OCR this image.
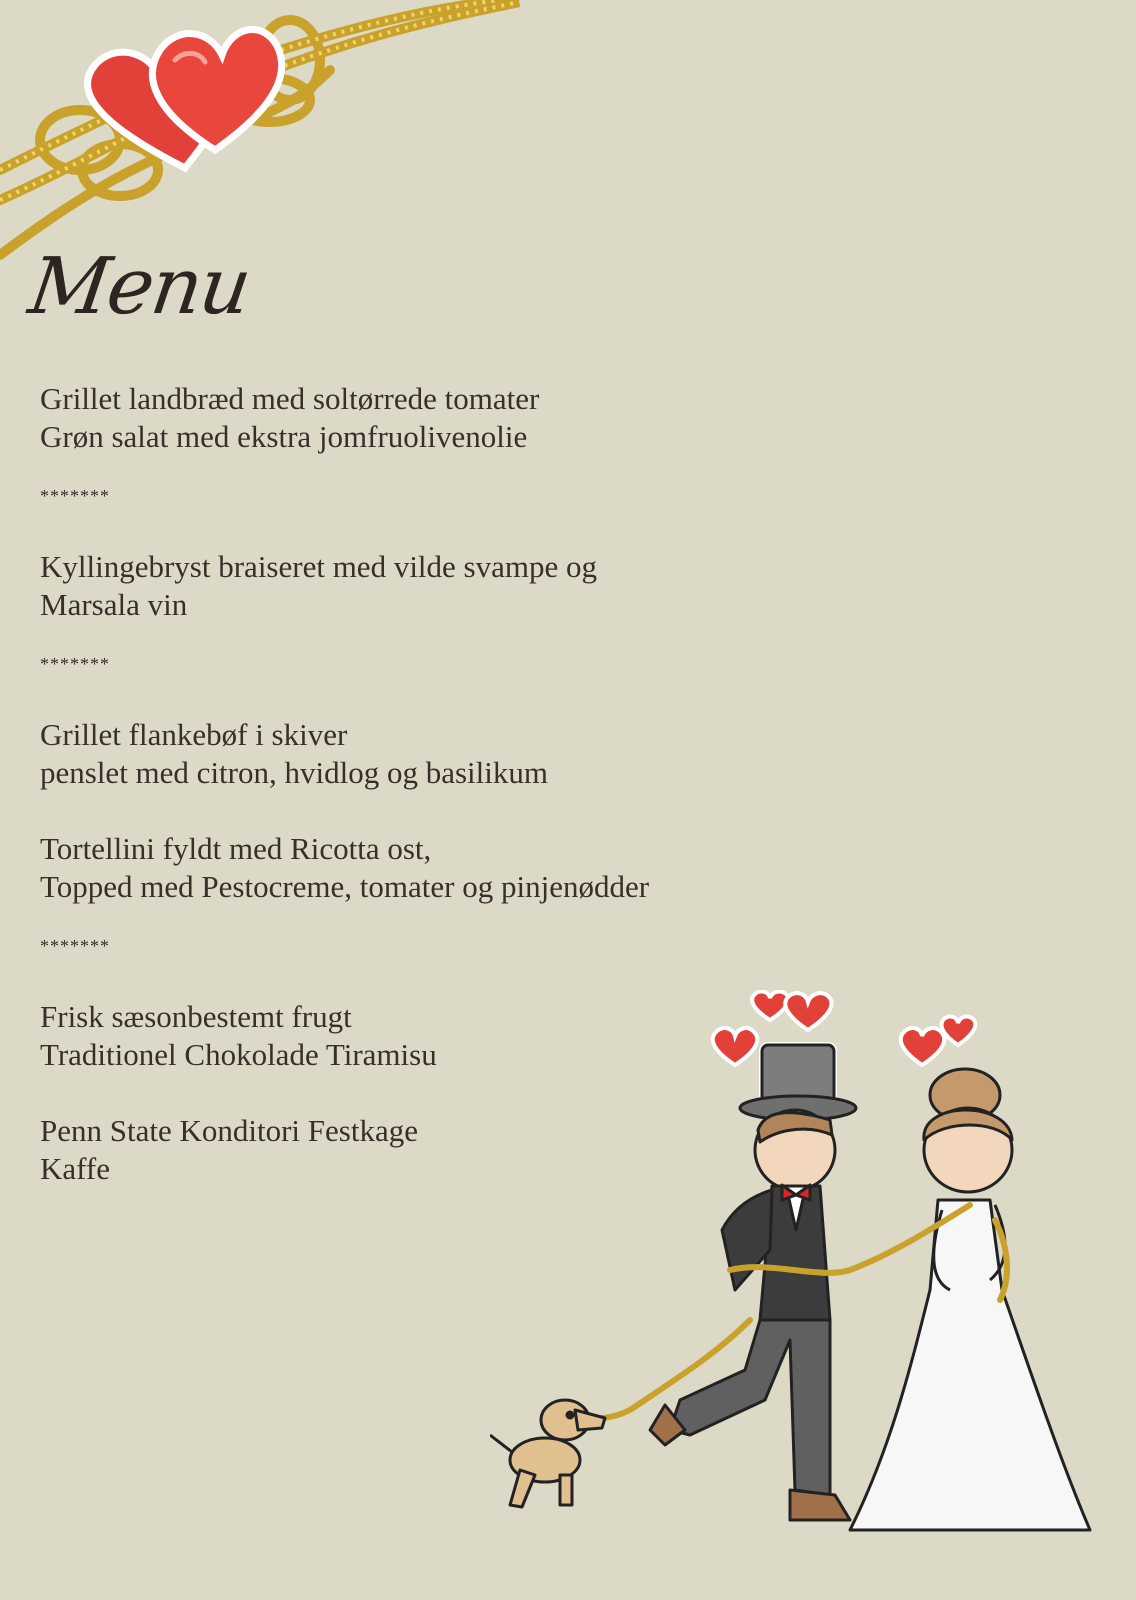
Menu
Grillet landbræd med soltørrede tomater
Grøn salat med ekstra jomfruolivenolie
*******
Kyllingebryst braiseret med vilde svampe og
Marsala vin
*******
Grillet flankebøf i skiver
penslet med citron, hvidlog og basilikum
Tortellini fyldt med Ricotta ost,
Topped med Pestocreme, tomater og pinjenødder
*******
Frisk sæsonbestemt frugt
Traditionel Chokolade Tiramisu
Penn State Konditori Festkage
Kaffe
